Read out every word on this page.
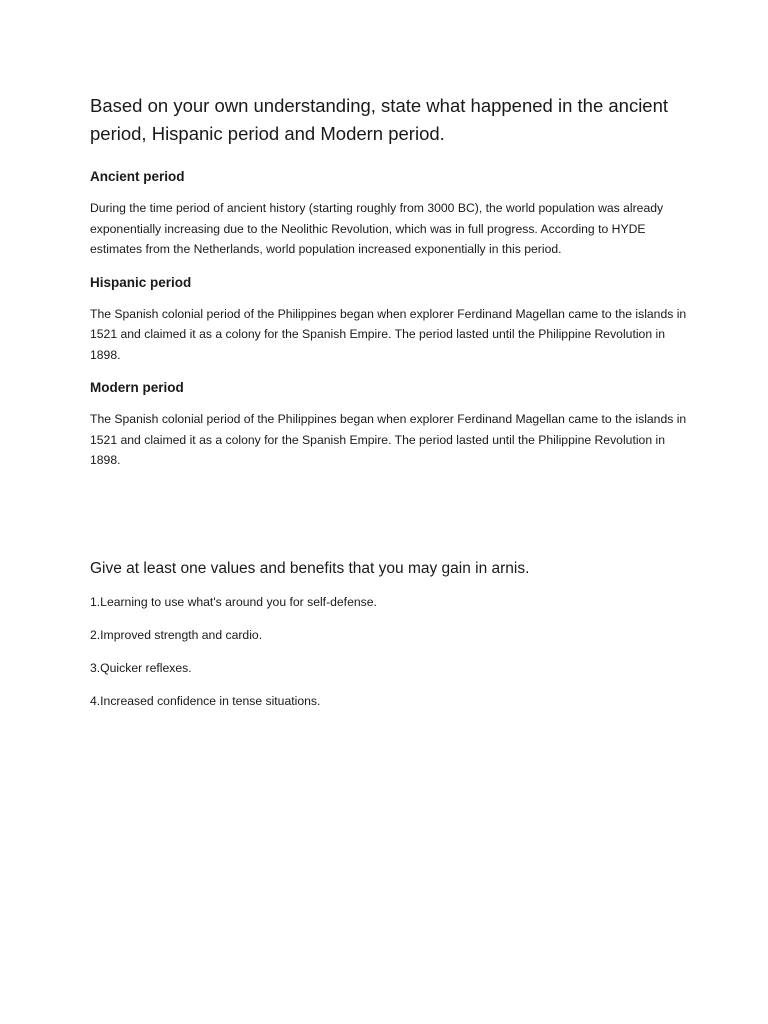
Based on your own understanding, state what happened in the ancient period, Hispanic period and Modern period.

Ancient period

During the time period of ancient history (starting roughly from 3000 BC), the world population was already exponentially increasing due to the Neolithic Revolution, which was in full progress. According to HYDE estimates from the Netherlands, world population increased exponentially in this period.

Hispanic period

The Spanish colonial period of the Philippines began when explorer Ferdinand Magellan came to the islands in 1521 and claimed it as a colony for the Spanish Empire. The period lasted until the Philippine Revolution in 1898.

Modern period

The Spanish colonial period of the Philippines began when explorer Ferdinand Magellan came to the islands in 1521 and claimed it as a colony for the Spanish Empire. The period lasted until the Philippine Revolution in 1898.

Give at least one values and benefits that you may gain in arnis.

1.Learning to use what's around you for self-defense.

2.Improved strength and cardio.

3.Quicker reflexes.

4.Increased confidence in tense situations.
